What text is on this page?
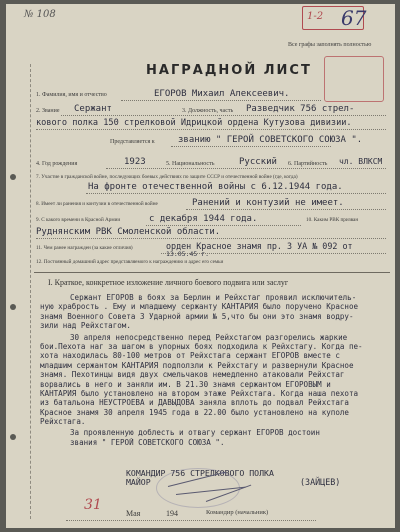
№ 108	1-2 67
Все графы заполнять полностью
НАГРАДНОЙ ЛИСТ
1. Фамилия, имя и отчество	ЕГОРОВ Михаил Алексеевич.
2. Звание Сержант	3. Должность, часть Разведчик 756 стрел-
кового полка 150 стрелковой Идрицкой ордена Кутузова дивизии.
Представляется к	званию " ГЕРОЙ СОВЕТСКОГО СОЮЗА ".
4. Год рождения	1923	5. Национальность	Русский 6. Партийность чл. ВЛКСМ
7. Участие в гражданской войне, последующих боевых действиях по защите СССР и отечественной войне (где, когда)
На фронте отечественной войны с 6.12.1944 года.
8. Имеет ли ранения и контузии в отечественной войне	Ранений и контузий не имеет.
9. С какого времени в Красной Армии	с декабря 1944 года.	10. Каким РВК призван
Руднянским РВК Смоленской области.
11. Чем ранее награжден (за какие отличия)	орден Красное знамя пр. 3 УА № 092 от
13.05.45 г.
12. Постоянный домашний адрес представляемого к награждению и адрес его семьи
I. Краткое, конкретное изложение личного боевого подвига или заслуг
Сержант ЕГОРОВ в боях за Берлин и Рейхстаг проявил исключитель-
ную храбрость . Ему и младшему сержанту КАНТАРИЯ было поручено Красное
знамя Военного Совета 3 Ударной армии № 5,что бы они это знамя водру-
зили над Рейхстагом.
30 апреля непосредственно перед Рейхстагом разгорелись жаркие
бои.Пехота наг за шагом в упорных боях подходила к Рейхстагу. Когда пе-
хота находилась 80-100 метров от Рейхстага сержант ЕГОРОВ вместе с
младшим сержантом КАНТАРИЯ подползли к Рейхстагу и развернули Красное
знамя. Пехотинцы видя двух смельчаков немедленно атаковали Рейхстаг
ворвались в него и заняли им. В 21.30 знамя сержантом ЕГОРОВЫМ и
КАНТАРИЯ было установлено на втором этаже Рейхстага. Когда наша пехота
из батальона НЕУСТРОЕВА и ДАВЫДОВА заняла вплоть до подвал Рейхстага
Красное знамя 30 апреля 1945 года в 22.00 было установлено на куполе
Рейхстага.
За проявленную доблесть и отвагу сержант ЕГОРОВ достоин
звания " ГЕРОЙ СОВЕТСКОГО СОЮЗА ".
КОМАНДИР 756 СТРЕЛКОВОГО ПОЛКА
МАЙОР	(ЗАЙЦЕВ)
31
Мая	194	Командир (начальник)
